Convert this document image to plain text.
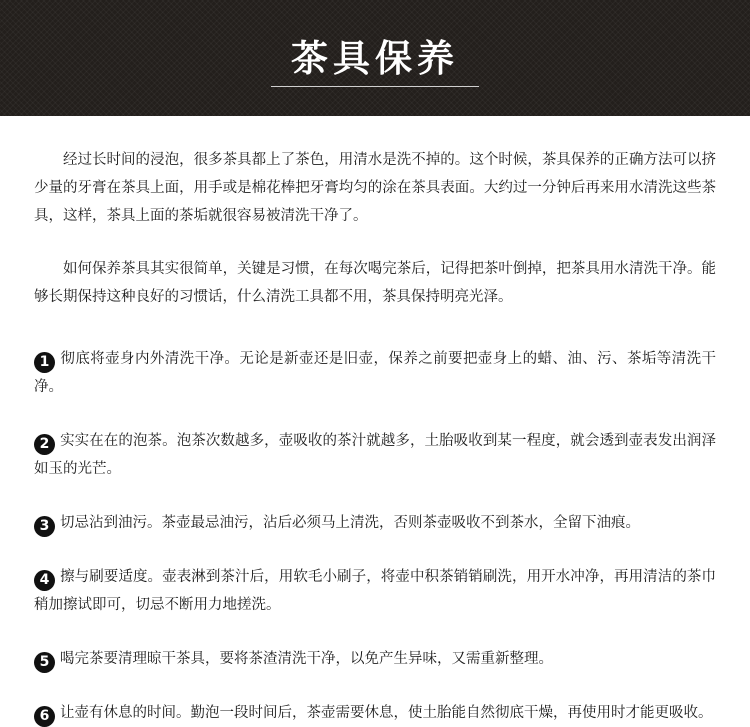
茶具保养

经过长时间的浸泡，很多茶具都上了茶色，用清水是洗不掉的。这个时候，茶具保养的正确方法可以挤少量的牙膏在茶具上面，用手或是棉花棒把牙膏均匀的涂在茶具表面。大约过一分钟后再来用水清洗这些茶具，这样，茶具上面的茶垢就很容易被清洗干净了。

如何保养茶具其实很简单，关键是习惯，在每次喝完茶后，记得把茶叶倒掉，把茶具用水清洗干净。能够长期保持这种良好的习惯话，什么清洗工具都不用，茶具保持明亮光泽。

1 彻底将壶身内外清洗干净。无论是新壶还是旧壶，保养之前要把壶身上的蜡、油、污、茶垢等清洗干净。

2 实实在在的泡茶。泡茶次数越多，壶吸收的茶汁就越多，土胎吸收到某一程度，就会透到壶表发出润泽如玉的光芒。

3 切忌沾到油污。茶壶最忌油污，沾后必须马上清洗，否则茶壶吸收不到茶水，全留下油痕。

4 擦与刷要适度。壶表淋到茶汁后，用软毛小刷子，将壶中积茶销销刷洗，用开水冲净，再用清洁的茶巾稍加擦试即可，切忌不断用力地搓洗。

5 喝完茶要清理晾干茶具，要将茶渣清洗干净，以免产生异味，又需重新整理。

6 让壶有休息的时间。勤泡一段时间后，茶壶需要休息，使土胎能自然彻底干燥，再使用时才能更吸收。
